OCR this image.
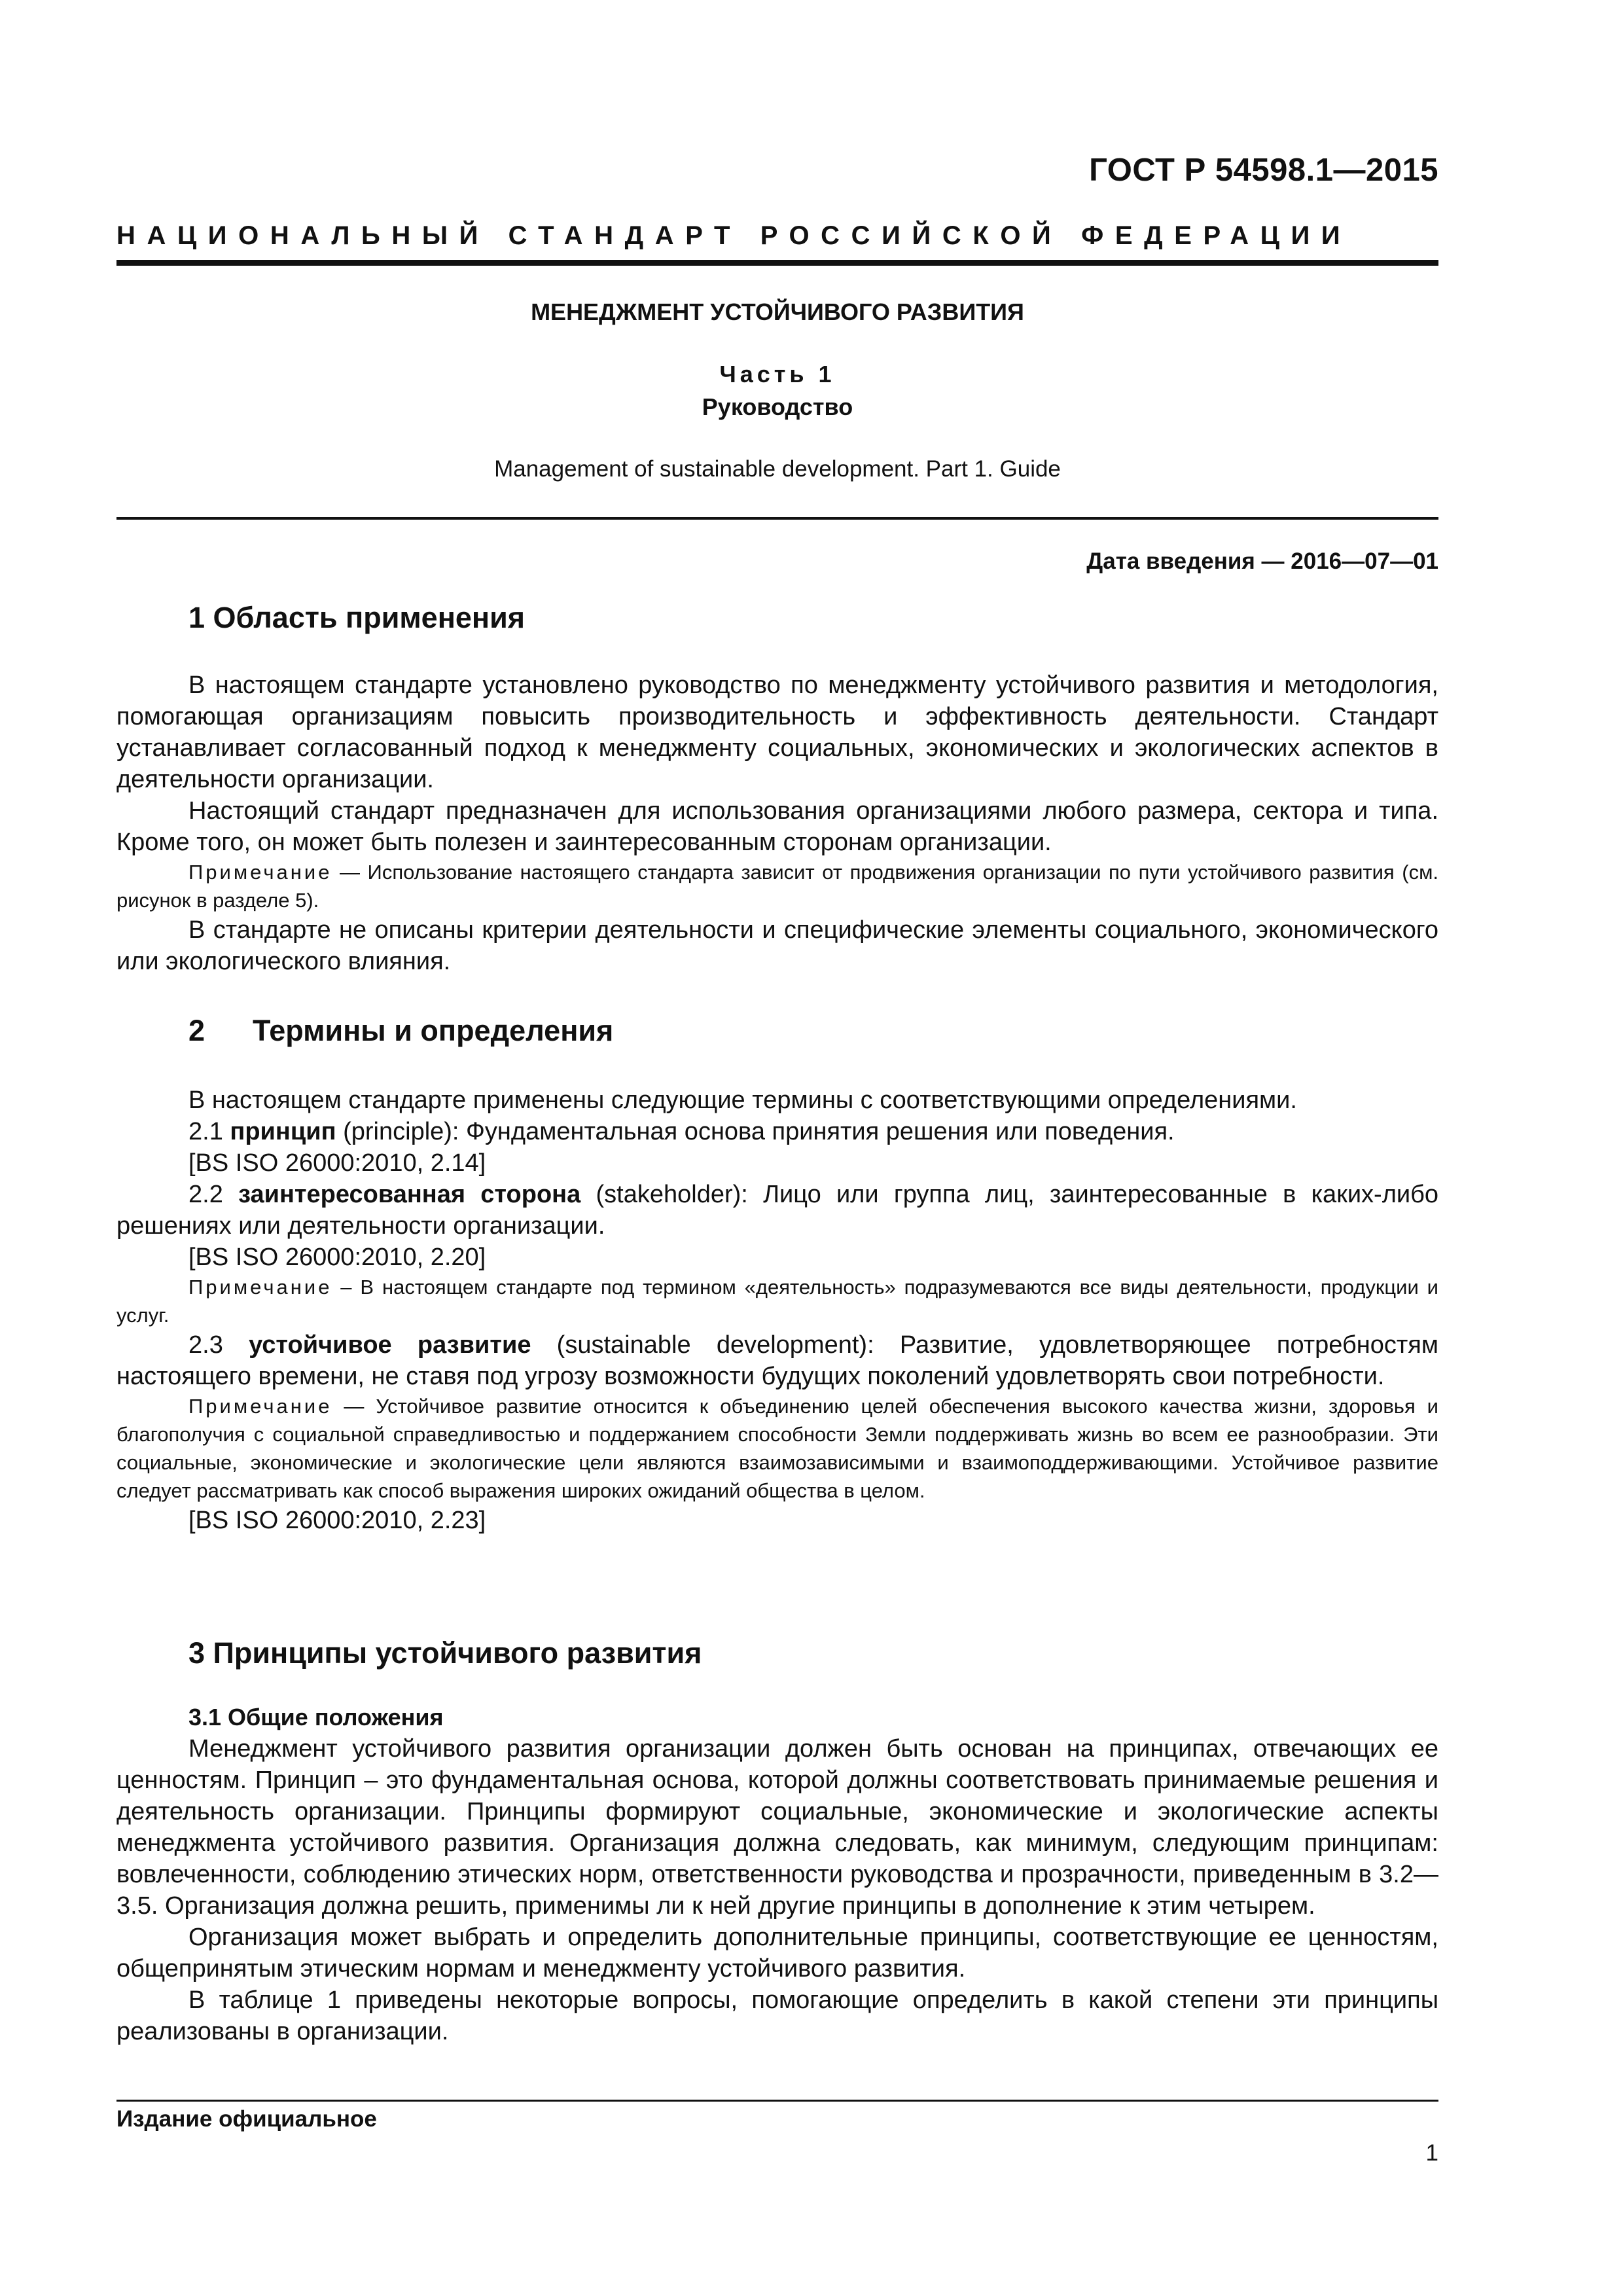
ГОСТ Р 54598.1—2015
НАЦИОНАЛЬНЫЙ СТАНДАРТ РОССИЙСКОЙ ФЕДЕРАЦИИ
МЕНЕДЖМЕНТ УСТОЙЧИВОГО РАЗВИТИЯ
Часть 1
Руководство
Management of sustainable development. Part 1. Guide
Дата введения — 2016—07—01
1 Область применения

В настоящем стандарте установлено руководство по менеджменту устойчивого развития и методология, помогающая организациям повысить производительность и эффективность деятельности. Стандарт устанавливает согласованный подход к менеджменту социальных, экономических и экологических аспектов в деятельности организации.

Настоящий стандарт предназначен для использования организациями любого размера, сектора и типа. Кроме того, он может быть полезен и заинтересованным сторонам организации.

Примечание — Использование настоящего стандарта зависит от продвижения организации по пути устойчивого развития (см. рисунок в разделе 5).

В стандарте не описаны критерии деятельности и специфические элементы социального, экономического или экологического влияния.

2 Термины и определения

В настоящем стандарте применены следующие термины с соответствующими определениями.

2.1 принцип (principle): Фундаментальная основа принятия решения или поведения.

[BS ISO 26000:2010, 2.14]

2.2 заинтересованная сторона (stakeholder): Лицо или группа лиц, заинтересованные в каких-либо решениях или деятельности организации.

[BS ISO 26000:2010, 2.20]

Примечание – В настоящем стандарте под термином «деятельность» подразумеваются все виды деятельности, продукции и услуг.

2.3 устойчивое развитие (sustainable development): Развитие, удовлетворяющее потребностям настоящего времени, не ставя под угрозу возможности будущих поколений удовлетворять свои потребности.

Примечание — Устойчивое развитие относится к объединению целей обеспечения высокого качества жизни, здоровья и благополучия с социальной справедливостью и поддержанием способности Земли поддерживать жизнь во всем ее разнообразии. Эти социальные, экономические и экологические цели являются взаимозависимыми и взаимоподдерживающими. Устойчивое развитие следует рассматривать как способ выражения широких ожиданий общества в целом.

[BS ISO 26000:2010, 2.23]

3 Принципы устойчивого развития

3.1 Общие положения

Менеджмент устойчивого развития организации должен быть основан на принципах, отвечающих ее ценностям. Принцип – это фундаментальная основа, которой должны соответствовать принимаемые решения и деятельность организации. Принципы формируют социальные, экономические и экологические аспекты менеджмента устойчивого развития. Организация должна следовать, как минимум, следующим принципам: вовлеченности, соблюдению этических норм, ответственности руководства и прозрачности, приведенным в 3.2—3.5. Организация должна решить, применимы ли к ней другие принципы в дополнение к этим четырем.

Организация может выбрать и определить дополнительные принципы, соответствующие ее ценностям, общепринятым этическим нормам и менеджменту устойчивого развития.

В таблице 1 приведены некоторые вопросы, помогающие определить в какой степени эти принципы реализованы в организации.

Издание официальное
1
